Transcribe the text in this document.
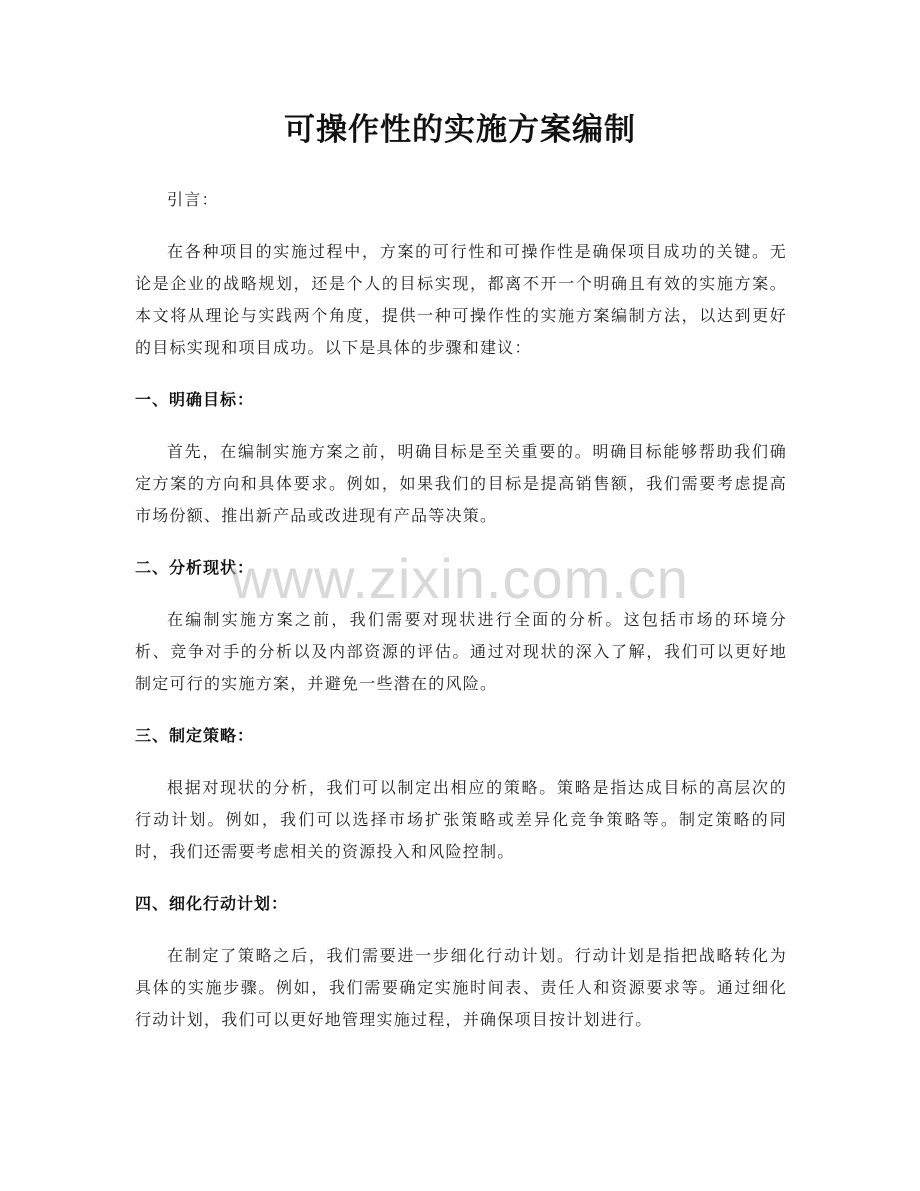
可操作性的实施方案编制

引言：

在各种项目的实施过程中，方案的可行性和可操作性是确保项目成功的关键。无论是企业的战略规划，还是个人的目标实现，都离不开一个明确且有效的实施方案。本文将从理论与实践两个角度，提供一种可操作性的实施方案编制方法，以达到更好的目标实现和项目成功。以下是具体的步骤和建议：

一、明确目标：

首先，在编制实施方案之前，明确目标是至关重要的。明确目标能够帮助我们确定方案的方向和具体要求。例如，如果我们的目标是提高销售额，我们需要考虑提高市场份额、推出新产品或改进现有产品等决策。

二、分析现状：

在编制实施方案之前，我们需要对现状进行全面的分析。这包括市场的环境分析、竞争对手的分析以及内部资源的评估。通过对现状的深入了解，我们可以更好地制定可行的实施方案，并避免一些潜在的风险。

三、制定策略：

根据对现状的分析，我们可以制定出相应的策略。策略是指达成目标的高层次的行动计划。例如，我们可以选择市场扩张策略或差异化竞争策略等。制定策略的同时，我们还需要考虑相关的资源投入和风险控制。

四、细化行动计划：

在制定了策略之后，我们需要进一步细化行动计划。行动计划是指把战略转化为具体的实施步骤。例如，我们需要确定实施时间表、责任人和资源要求等。通过细化行动计划，我们可以更好地管理实施过程，并确保项目按计划进行。

www.zixin.com.cn
